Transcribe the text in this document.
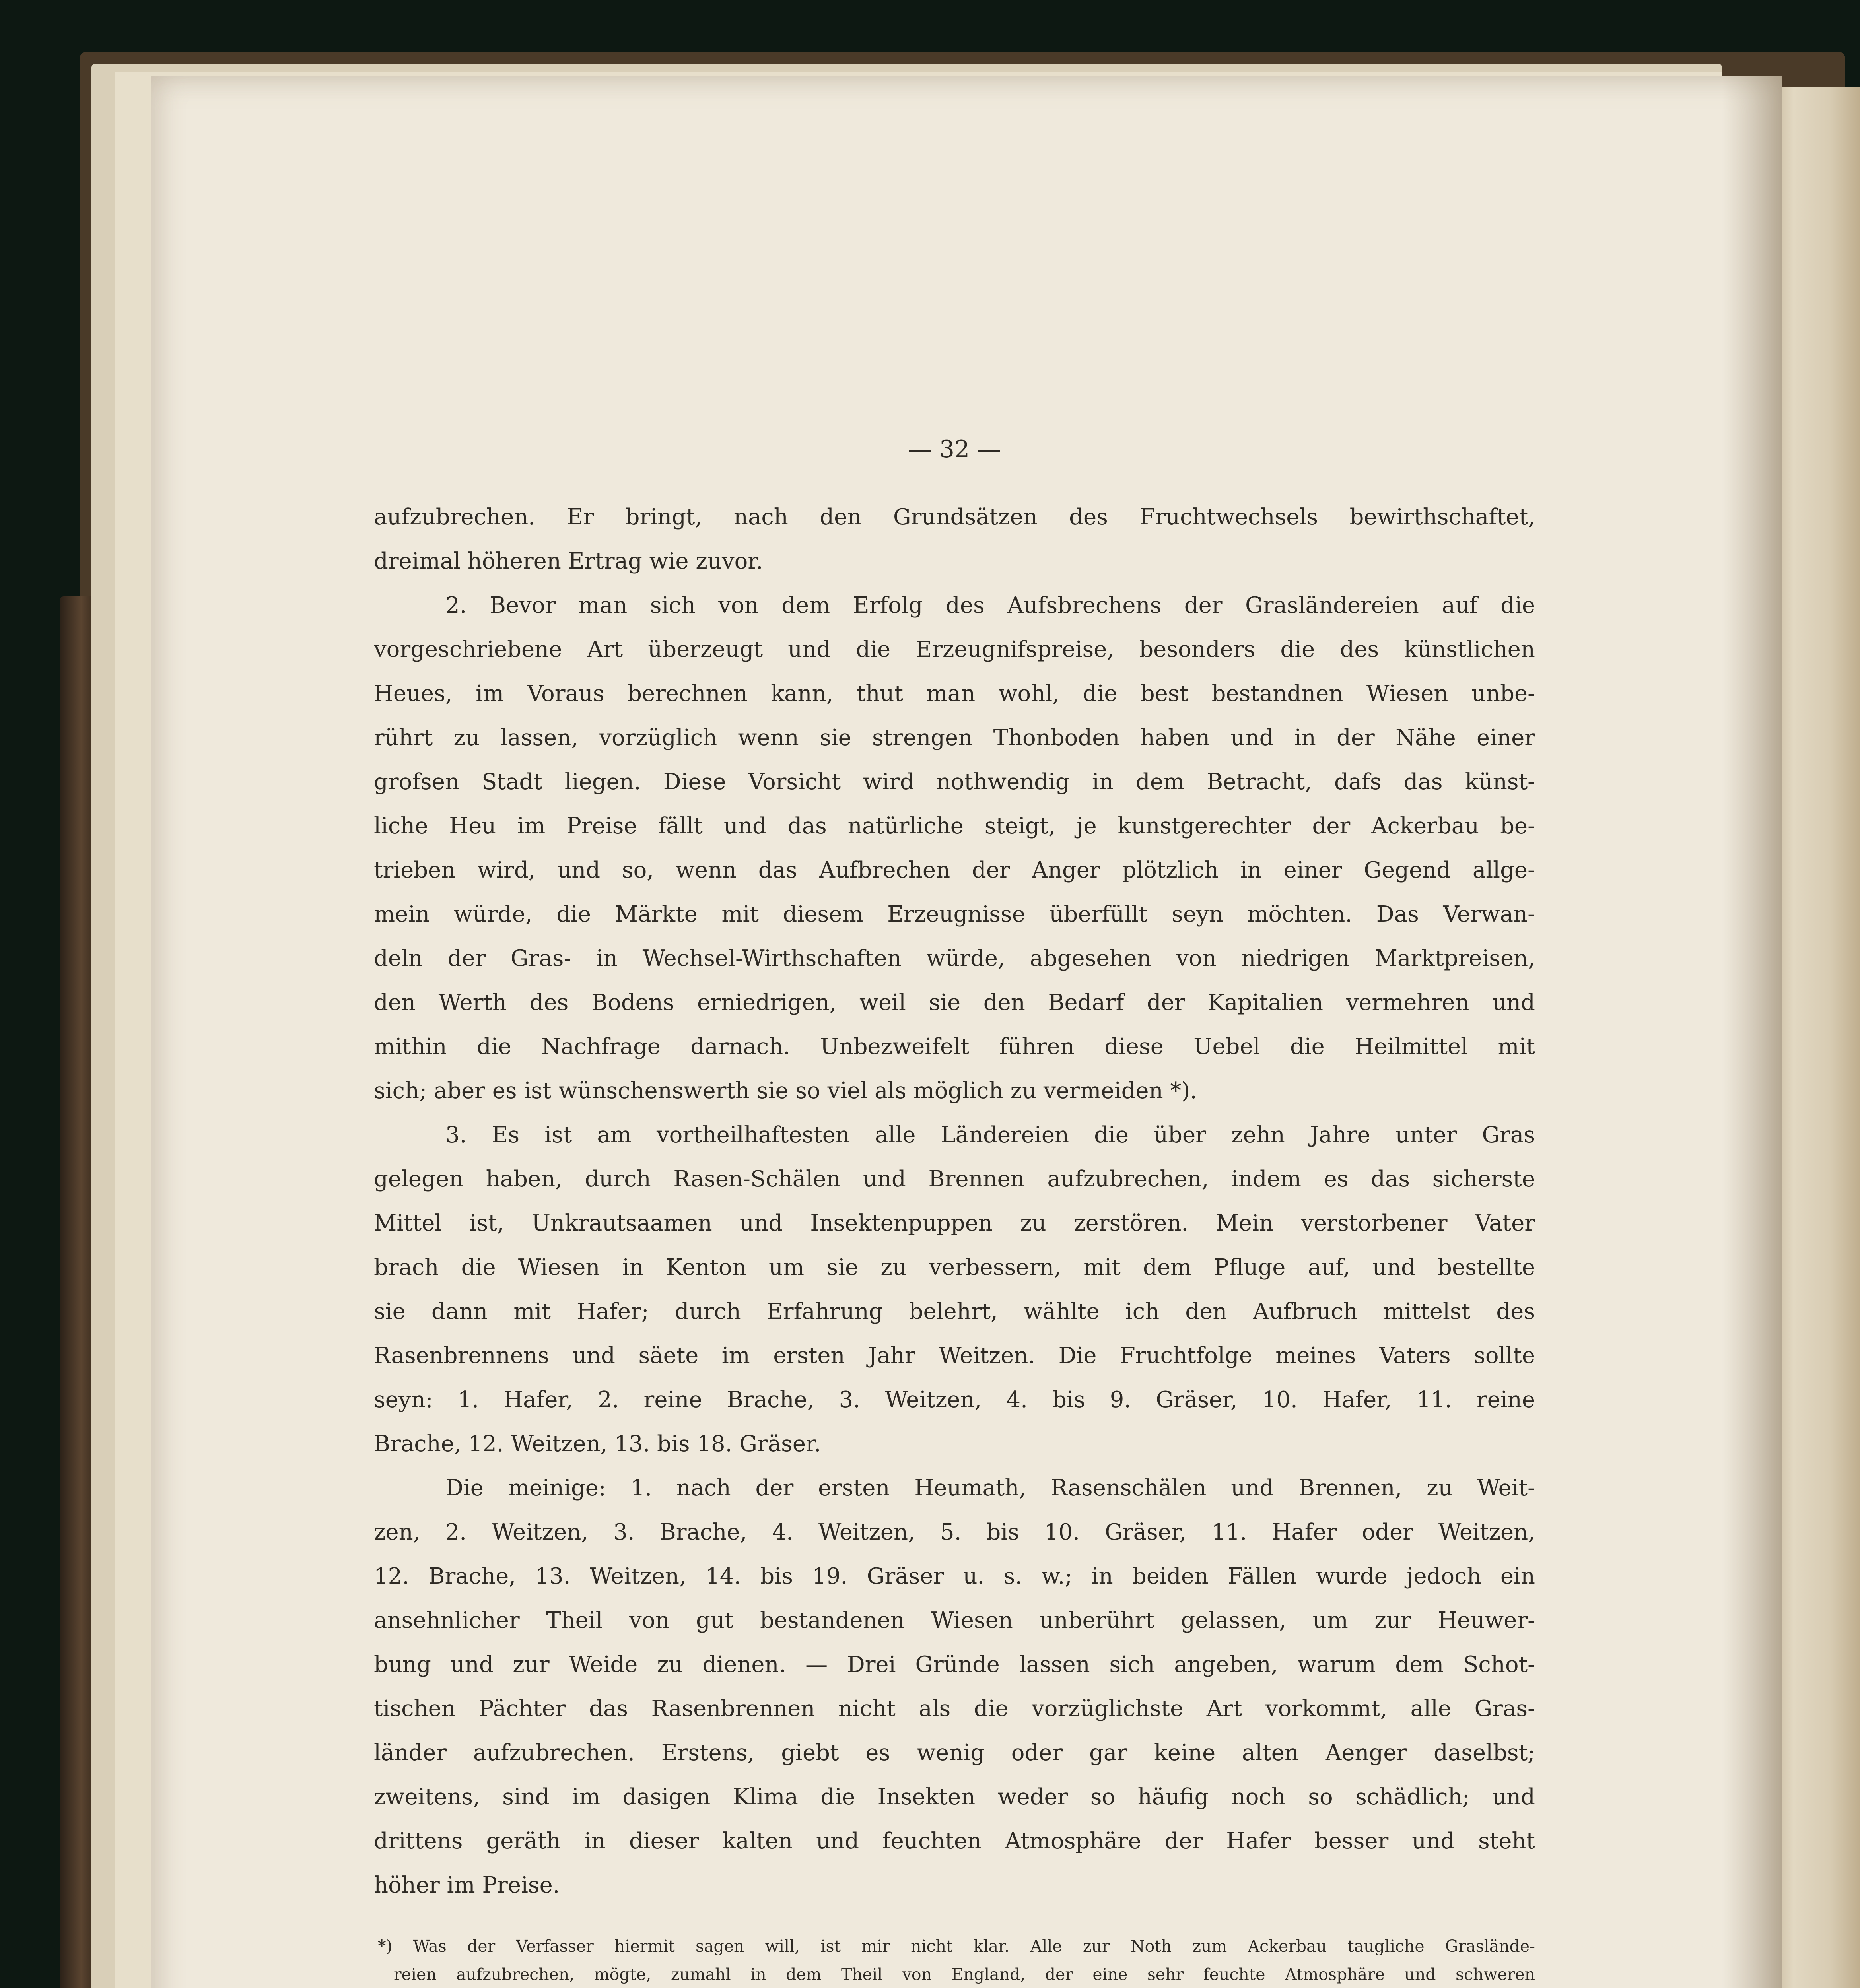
— 32 —
aufzubrechen. Er bringt, nach den Grundsätzen des Fruchtwechsels bewirthschaftet,
dreimal höheren Ertrag wie zuvor.
2. Bevor man sich von dem Erfolg des Aufsbrechens der Grasländereien auf die
vorgeschriebene Art überzeugt und die Erzeugnifspreise, besonders die des künstlichen
Heues, im Voraus berechnen kann, thut man wohl, die best bestandnen Wiesen unbe-
rührt zu lassen, vorzüglich wenn sie strengen Thonboden haben und in der Nähe einer
grofsen Stadt liegen. Diese Vorsicht wird nothwendig in dem Betracht, dafs das künst-
liche Heu im Preise fällt und das natürliche steigt, je kunstgerechter der Ackerbau be-
trieben wird, und so, wenn das Aufbrechen der Anger plötzlich in einer Gegend allge-
mein würde, die Märkte mit diesem Erzeugnisse überfüllt seyn möchten. Das Verwan-
deln der Gras- in Wechsel-Wirthschaften würde, abgesehen von niedrigen Marktpreisen,
den Werth des Bodens erniedrigen, weil sie den Bedarf der Kapitalien vermehren und
mithin die Nachfrage darnach. Unbezweifelt führen diese Uebel die Heilmittel mit
sich; aber es ist wünschenswerth sie so viel als möglich zu vermeiden *).
3. Es ist am vortheilhaftesten alle Ländereien die über zehn Jahre unter Gras
gelegen haben, durch Rasen-Schälen und Brennen aufzubrechen, indem es das sicherste
Mittel ist, Unkrautsaamen und Insektenpuppen zu zerstören. Mein verstorbener Vater
brach die Wiesen in Kenton um sie zu verbessern, mit dem Pfluge auf, und bestellte
sie dann mit Hafer; durch Erfahrung belehrt, wählte ich den Aufbruch mittelst des
Rasenbrennens und säete im ersten Jahr Weitzen. Die Fruchtfolge meines Vaters sollte
seyn: 1. Hafer, 2. reine Brache, 3. Weitzen, 4. bis 9. Gräser, 10. Hafer, 11. reine
Brache, 12. Weitzen, 13. bis 18. Gräser.
Die meinige: 1. nach der ersten Heumath, Rasenschälen und Brennen, zu Weit-
zen, 2. Weitzen, 3. Brache, 4. Weitzen, 5. bis 10. Gräser, 11. Hafer oder Weitzen,
12. Brache, 13. Weitzen, 14. bis 19. Gräser u. s. w.; in beiden Fällen wurde jedoch ein
ansehnlicher Theil von gut bestandenen Wiesen unberührt gelassen, um zur Heuwer-
bung und zur Weide zu dienen. — Drei Gründe lassen sich angeben, warum dem Schot-
tischen Pächter das Rasenbrennen nicht als die vorzüglichste Art vorkommt, alle Gras-
länder aufzubrechen. Erstens, giebt es wenig oder gar keine alten Aenger daselbst;
zweitens, sind im dasigen Klima die Insekten weder so häufig noch so schädlich; und
drittens geräth in dieser kalten und feuchten Atmosphäre der Hafer besser und steht
höher im Preise.
*) Was der Verfasser hiermit sagen will, ist mir nicht klar. Alle zur Noth zum Ackerbau taugliche Graslände-
reien aufzubrechen, mögte, zumahl in dem Theil von England, der eine sehr feuchte Atmosphäre und schweren
